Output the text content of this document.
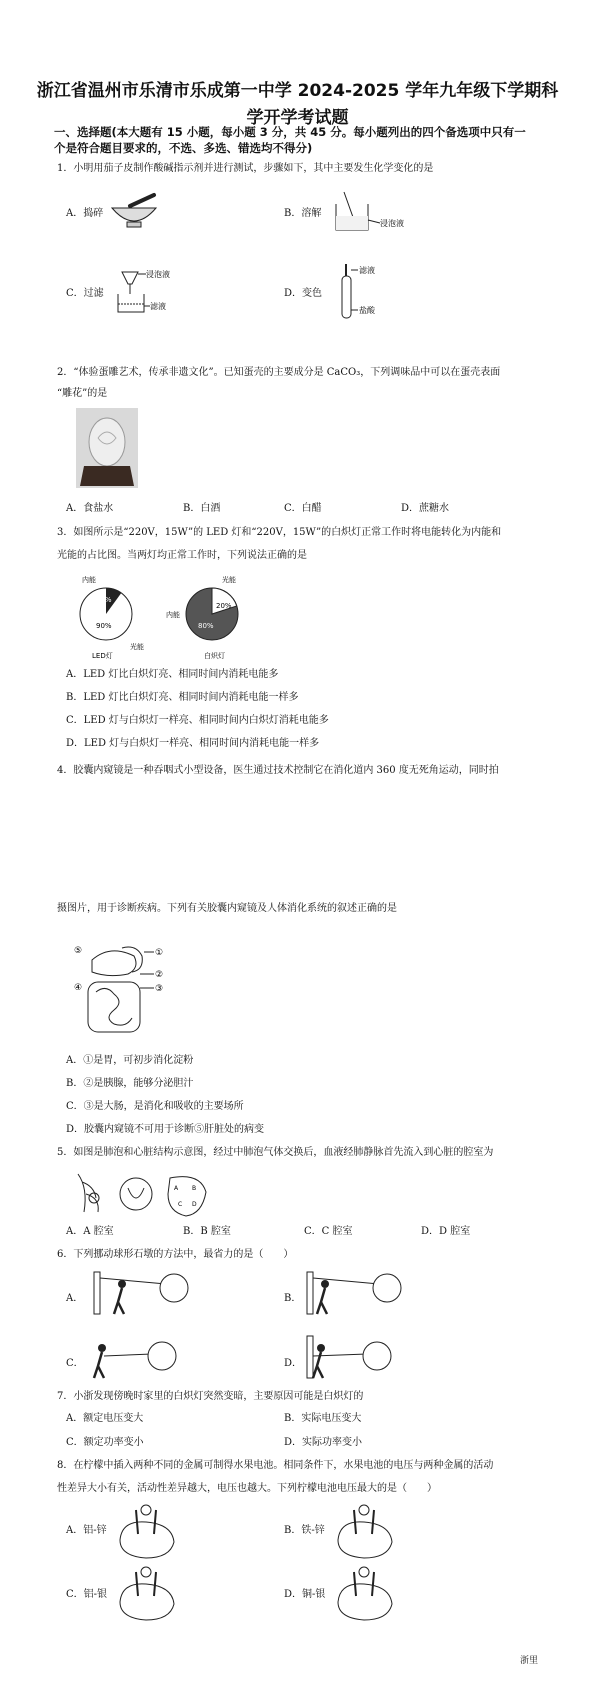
浙江省温州市乐清市乐成第一中学 2024-2025 学年九年级下学期科
学开学考试题
一、选择题(本大题有 15 小题，每小题 3 分，共 45 分。每小题列出的四个备选项中只有一
个是符合题目要求的，不选、多选、错选均不得分)
1．小明用茄子皮制作酸碱指示剂并进行测试，步骤如下，其中主要发生化学变化的是
A．捣碎	B．溶解
浸泡液
C．过滤
浸泡液
滤液
D．变色
滤液
盐酸
2．“体验蛋雕艺术，传承非遗文化”。已知蛋壳的主要成分是 CaCO₃，下列调味品中可以在蛋壳表面
“雕花”的是
A．食盐水	B．白酒	C．白醋	D．蔗糖水
3．如图所示是“220V，15W”的 LED 灯和“220V，15W”的白炽灯正常工作时将电能转化为内能和
光能的占比图。当两灯均正常工作时，下列说法正确的是
内能
10%
90%
光能
LED灯
光能
20%
80%
内能
白炽灯
A．LED 灯比白炽灯亮、相同时间内消耗电能多
B．LED 灯比白炽灯亮、相同时间内消耗电能一样多
C．LED 灯与白炽灯一样亮、相同时间内白炽灯消耗电能多
D．LED 灯与白炽灯一样亮、相同时间内消耗电能一样多
4．胶囊内窥镜是一种吞咽式小型设备，医生通过技术控制它在消化道内 360 度无死角运动，同时拍
摄图片，用于诊断疾病。下列有关胶囊内窥镜及人体消化系统的叙述正确的是
⑤	①
②
④	③
A．①是胃，可初步消化淀粉
B．②是胰腺，能够分泌胆汁
C．③是大肠，是消化和吸收的主要场所
D．胶囊内窥镜不可用于诊断⑤肝脏处的病变
5．如图是肺泡和心脏结构示意图，经过中肺泡气体交换后，血液经肺静脉首先流入到心脏的腔室为
A B
C D
A．A 腔室	B．B 腔室	C．C 腔室	D．D 腔室
6．下列挪动球形石墩的方法中，最省力的是（　　）
A．	B．
C．	D．
7．小浙发现傍晚时家里的白炽灯突然变暗，主要原因可能是白炽灯的
A．额定电压变大	B．实际电压变大
C．额定功率变小	D．实际功率变小
8．在柠檬中插入两种不同的金属可制得水果电池。相同条件下，水果电池的电压与两种金属的活动
性差异大小有关，活动性差异越大，电压也越大。下列柠檬电池电压最大的是（　　）
A．铝-锌	B．铁-锌
C．铝-银	D．铜-银
浙里
